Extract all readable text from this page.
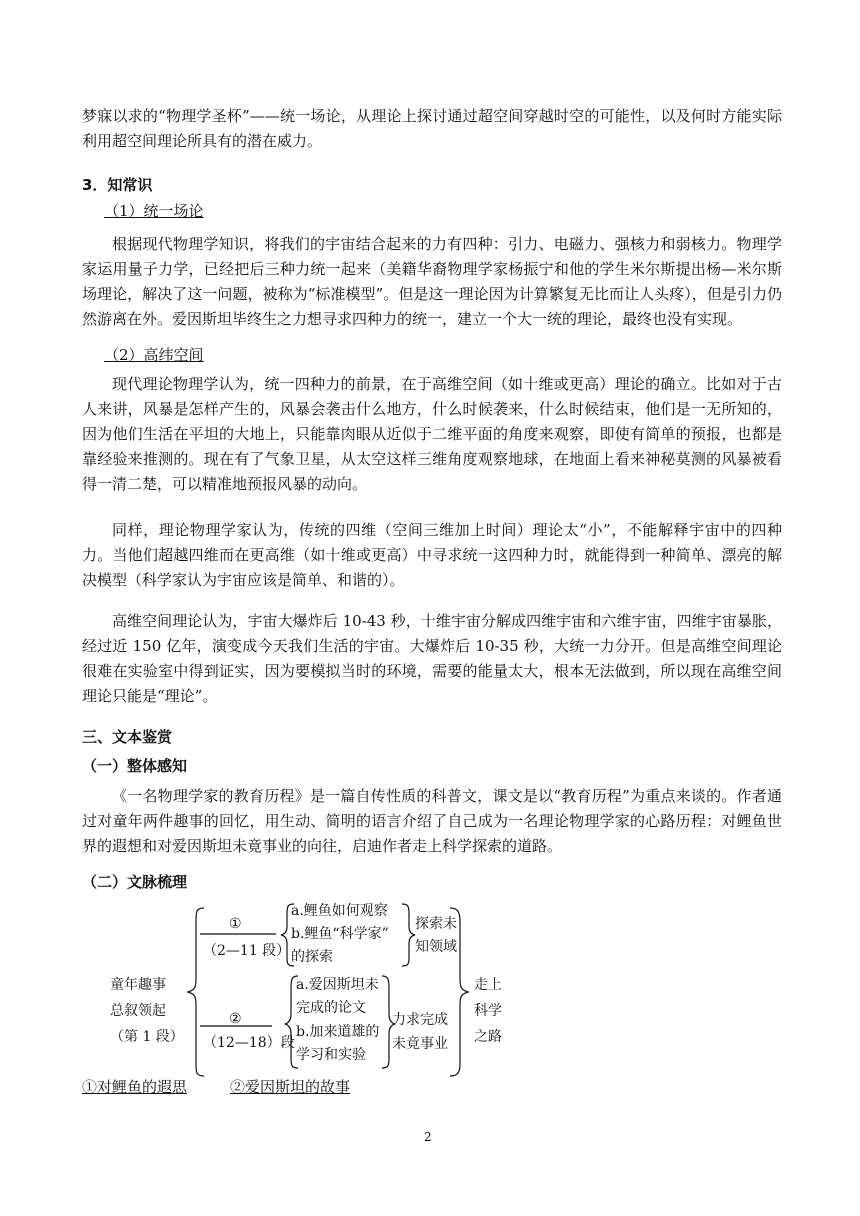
梦寐以求的“物理学圣杯”——统一场论，从理论上探讨通过超空间穿越时空的可能性，以及何时方能实际利用超空间理论所具有的潜在威力。

3．知常识

（1）统一场论

根据现代物理学知识，将我们的宇宙结合起来的力有四种：引力、电磁力、强核力和弱核力。物理学家运用量子力学，已经把后三种力统一起来（美籍华裔物理学家杨振宁和他的学生米尔斯提出杨—米尔斯场理论，解决了这一问题，被称为“标准模型”。但是这一理论因为计算繁复无比而让人头疼），但是引力仍然游离在外。爱因斯坦毕终生之力想寻求四种力的统一，建立一个大一统的理论，最终也没有实现。

（2）高纬空间

现代理论物理学认为，统一四种力的前景，在于高维空间（如十维或更高）理论的确立。比如对于古人来讲，风暴是怎样产生的，风暴会袭击什么地方，什么时候袭来，什么时候结束，他们是一无所知的，因为他们生活在平坦的大地上，只能靠肉眼从近似于二维平面的角度来观察，即使有简单的预报，也都是靠经验来推测的。现在有了气象卫星，从太空这样三维角度观察地球，在地面上看来神秘莫测的风暴被看得一清二楚，可以精准地预报风暴的动向。

同样，理论物理学家认为，传统的四维（空间三维加上时间）理论太“小”，不能解释宇宙中的四种力。当他们超越四维而在更高维（如十维或更高）中寻求统一这四种力时，就能得到一种简单、漂亮的解决模型（科学家认为宇宙应该是简单、和谐的）。

高维空间理论认为，宇宙大爆炸后 10-43 秒，十维宇宙分解成四维宇宙和六维宇宙，四维宇宙暴胀，经过近 150 亿年，演变成今天我们生活的宇宙。大爆炸后 10-35 秒，大统一力分开。但是高维空间理论很难在实验室中得到证实，因为要模拟当时的环境，需要的能量太大，根本无法做到，所以现在高维空间理论只能是“理论”。

三、文本鉴赏

（一）整体感知

《一名物理学家的教育历程》是一篇自传性质的科普文，课文是以“教育历程”为重点来谈的。作者通过对童年两件趣事的回忆，用生动、简明的语言介绍了自己成为一名理论物理学家的心路历程：对鲤鱼世界的遐想和对爱因斯坦未竟事业的向往，启迪作者走上科学探索的道路。

（二）文脉梳理

童年趣事
总叙领起
（第 1 段）
①
（2—11 段）
a.鲤鱼如何观察
b.鲤鱼“科学家”
的探索
探索未
知领域
②
（12—18）段
a.爱因斯坦未
完成的论文
b.加来道雄的
学习和实验
力求完成
未竟事业
走上
科学
之路
①对鲤鱼的遐思	②爱因斯坦的故事
2
